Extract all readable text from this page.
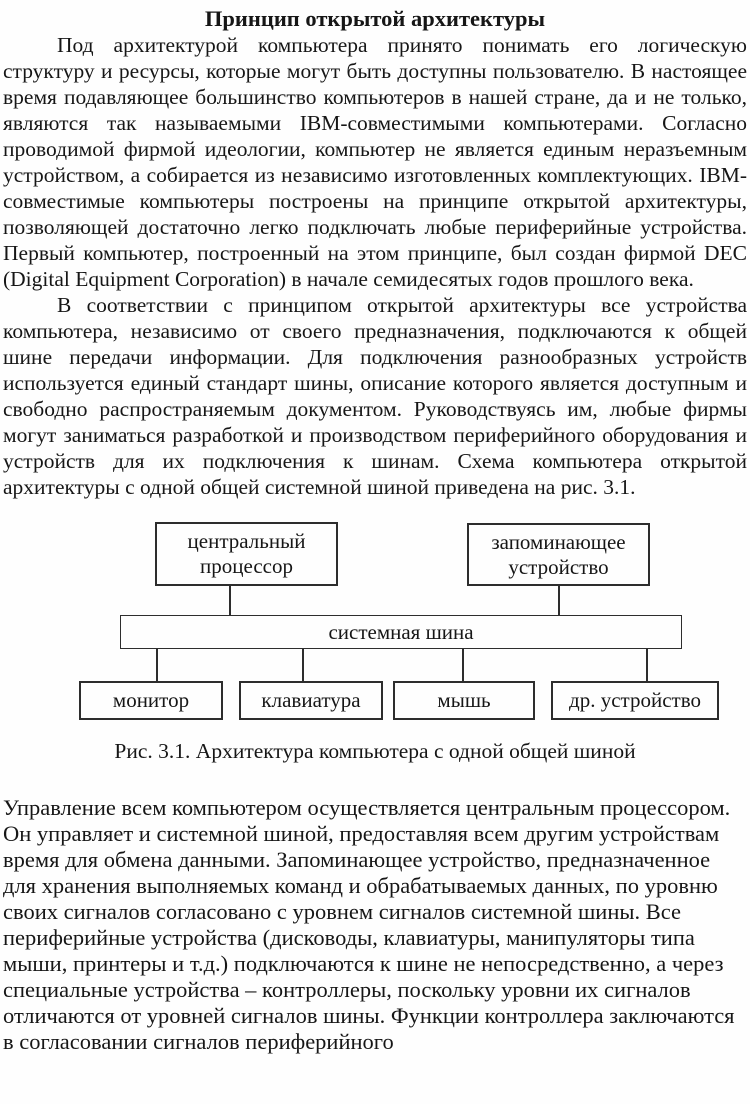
Принцип открытой архитектуры

Под архитектурой компьютера принято понимать его логическую структуру и ресурсы, которые могут быть доступны пользователю. В настоящее время подавляющее большинство компьютеров в нашей стране, да и не только, являются так называемыми IBM-совместимыми компьютерами. Согласно проводимой фирмой идеологии, компьютер не является единым неразъемным устройством, а собирается из независимо изготовленных комплектующих. IBM-совместимые компьютеры построены на принципе открытой архитектуры, позволяющей достаточно легко подключать любые периферийные устройства. Первый компьютер, построенный на этом принципе, был создан фирмой DEC (Digital Equipment Corporation) в начале семидесятых годов прошлого века.

В соответствии с принципом открытой архитектуры все устройства компьютера, независимо от своего предназначения, подключаются к общей шине передачи информации. Для подключения разнообразных устройств используется единый стандарт шины, описание которого является доступным и свободно распространяемым документом. Руководствуясь им, любые фирмы могут заниматься разработкой и производством периферийного оборудования и устройств для их подключения к шинам. Схема компьютера открытой архитектуры с одной общей системной шиной приведена на рис. 3.1.

центральный процессор
запоминающее устройство
системная шина
монитор	клавиатура	мышь	др. устройство

Рис. 3.1. Архитектура компьютера с одной общей шиной

Управление всем компьютером осуществляется центральным процессором. Он управляет и системной шиной, предоставляя всем другим устройствам время для обмена данными. Запоминающее устройство, предназначенное для хранения выполняемых команд и обрабатываемых данных, по уровню своих сигналов согласовано с уровнем сигналов системной шины. Все периферийные устройства (дисководы, клавиатуры, манипуляторы типа мыши, принтеры и т.д.) подключаются к шине не непосредственно, а через специальные устройства – контроллеры, поскольку уровни их сигналов отличаются от уровней сигналов шины. Функции контроллера заключаются в согласовании сигналов периферийного
